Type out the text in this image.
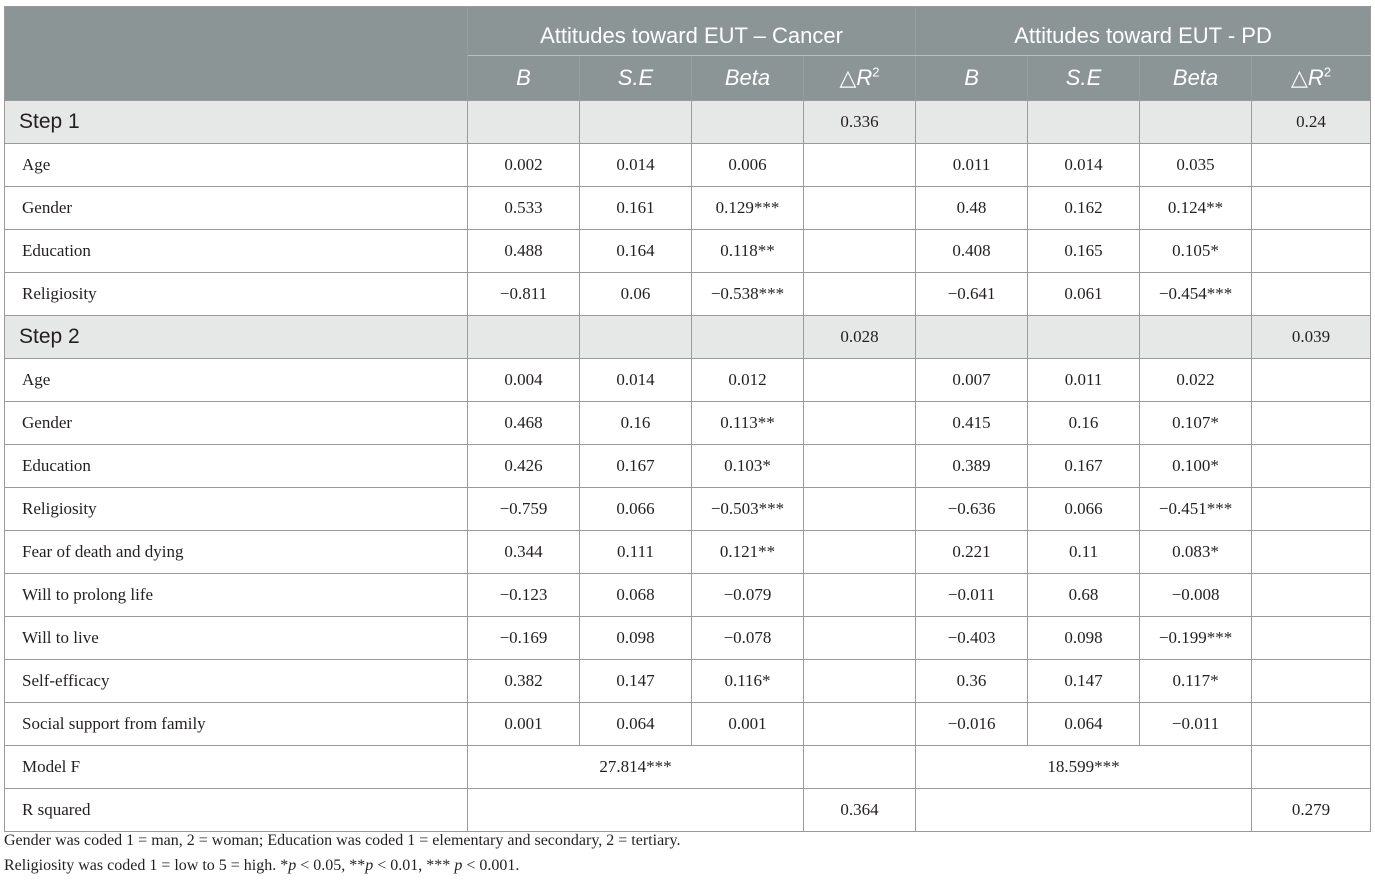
	Attitudes toward EUT – Cancer				Attitudes toward EUT - PD			
	B	S.E	Beta	$\triangle R^2$	B	S.E	Beta	$\triangle R^2$
Step 1				0.336				0.24
Age	0.002	0.014	0.006		0.011	0.014	0.035	
Gender	0.533	0.161	0.129***		0.48	0.162	0.124**	
Education	0.488	0.164	0.118**		0.408	0.165	0.105*	
Religiosity	−0.811	0.06	−0.538***		−0.641	0.061	−0.454***	
Step 2				0.028				0.039
Age	0.004	0.014	0.012		0.007	0.011	0.022	
Gender	0.468	0.16	0.113**		0.415	0.16	0.107*	
Education	0.426	0.167	0.103*		0.389	0.167	0.100*	
Religiosity	−0.759	0.066	−0.503***		−0.636	0.066	−0.451***	
Fear of death and dying	0.344	0.111	0.121**		0.221	0.11	0.083*	
Will to prolong life	−0.123	0.068	−0.079		−0.011	0.68	−0.008	
Will to live	−0.169	0.098	−0.078		−0.403	0.098	−0.199***	
Self-efficacy	0.382	0.147	0.116*		0.36	0.147	0.117*	
Social support from family	0.001	0.064	0.001		−0.016	0.064	−0.011	
Model F	27.814***				18.599***			
R squared				0.364				0.279
Gender was coded 1 = man, 2 = woman; Education was coded 1 = elementary and secondary, 2 = tertiary.
Religiosity was coded 1 = low to 5 = high. *p < 0.05, **p < 0.01, *** p < 0.001.
